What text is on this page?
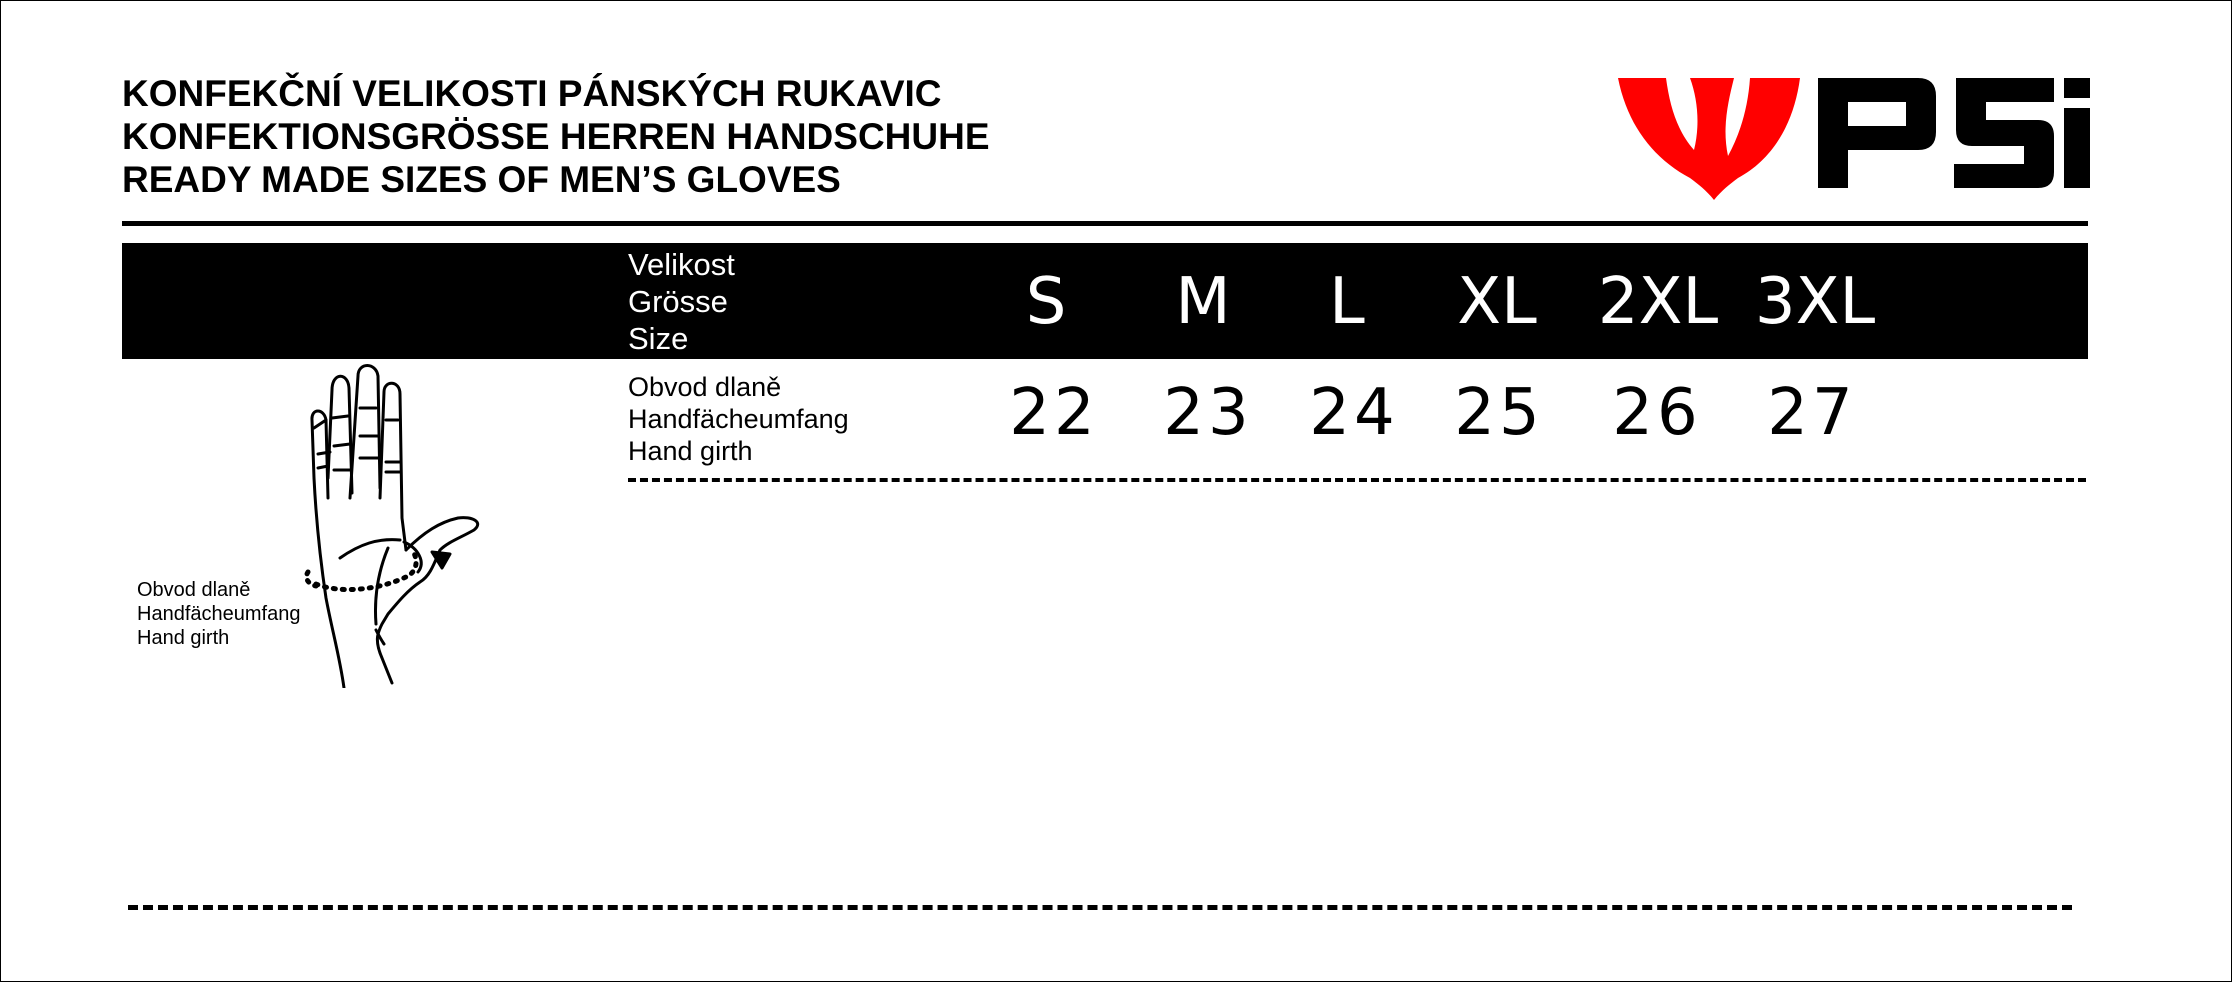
KONFEKČNÍ VELIKOSTI PÁNSKÝCH RUKAVIC
KONFEKTIONSGRÖSSE HERREN HANDSCHUHE
READY MADE SIZES OF MEN’S GLOVES
Velikost
Grösse
Size	S	M	L	XL 2XL 3XL
Obvod dlaně
Handfächeumfang
Hand girth
Obvod dlaně
Handfächeumfang
Hand girth
22	23 24 25	26	27
